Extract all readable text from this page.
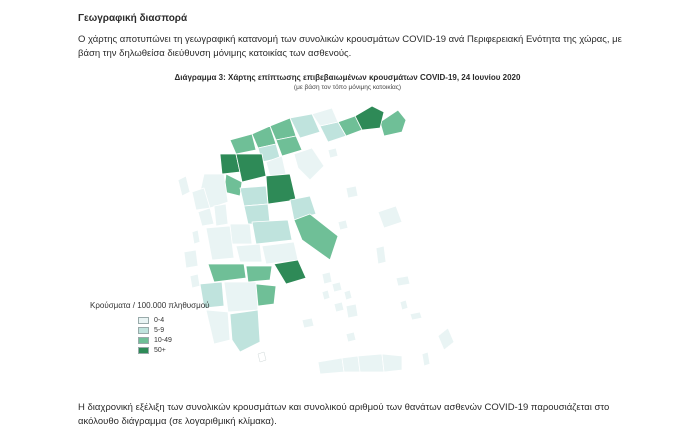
Γεωγραφική διασπορά
Ο χάρτης αποτυπώνει τη γεωγραφική κατανομή των συνολικών κρουσμάτων COVID-19 ανά Περιφερειακή Ενότητα της χώρας, με βάση την δηλωθείσα διεύθυνση μόνιμης κατοικίας των ασθενούς.
Διάγραμμα 3: Χάρτης επίπτωσης επιβεβαιωμένων κρουσμάτων COVID-19, 24 Ιουνίου 2020
(με βάση τον τόπο μόνιμης κατοικίας)
Κρούσματα / 100.000 πληθυσμού
0-4
5-9
10-49
50+
Η διαχρονική εξέλιξη των συνολικών κρουσμάτων και συνολικού αριθμού των θανάτων ασθενών COVID-19 παρουσιάζεται στο ακόλουθο διάγραμμα (σε λογαριθμική κλίμακα).
